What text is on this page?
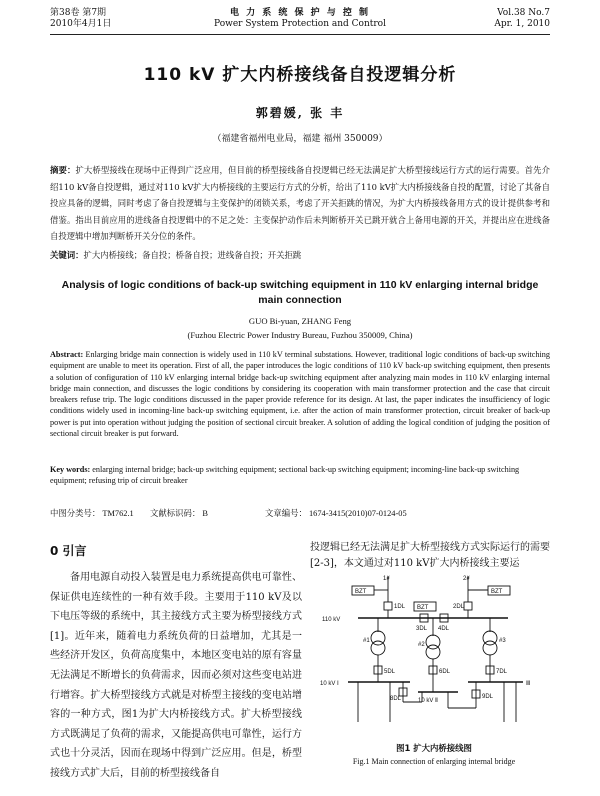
第38卷 第7期
2010年4月1日
电 力 系 统 保 护 与 控 制
Power System Protection and Control
Vol.38 No.7
Apr. 1, 2010
110 kV 扩大内桥接线备自投逻辑分析
郭碧媛, 张 丰
（福建省福州电业局，福建 福州 350009）
摘要：扩大桥型接线在现场中正得到广泛应用，但目前的桥型接线备自投逻辑已经无法满足扩大桥型接线运行方式的运行需要。首先介绍110 kV备自投逻辑，通过对110 kV扩大内桥接线的主要运行方式的分析，给出了110 kV扩大内桥接线备自投的配置，讨论了其备自投应具备的逻辑，同时考虑了备自投逻辑与主变保护的闭锁关系，考虑了开关拒跳的情况，为扩大内桥接线备用方式的设计提供参考和借鉴。指出目前应用的进线备自投逻辑中的不足之处：主变保护动作后未判断桥开关已跳开就合上备用电源的开关，并提出应在进线备自投逻辑中增加判断桥开关分位的条件。
关键词：扩大内桥接线；备自投；桥备自投；进线备自投；开关拒跳
Analysis of logic conditions of back-up switching equipment in 110 kV enlarging internal bridge main connection
GUO Bi-yuan, ZHANG Feng
(Fuzhou Electric Power Industry Bureau, Fuzhou 350009, China)
Abstract: Enlarging bridge main connection is widely used in 110 kV terminal substations. However, traditional logic conditions of back-up switching equipment are unable to meet its operation. First of all, the paper introduces the logic conditions of 110 kV back-up switching equipment, then presents a solution of configuration of 110 kV enlarging internal bridge back-up switching equipment after analyzing main modes in 110 kV enlarging internal bridge main connection, and discusses the logic conditions by considering its cooperation with main transformer protection and the case that circuit breakers refuse trip. The logic conditions discussed in the paper provide reference for its design. At last, the paper indicates the insufficiency of logic conditions widely used in incoming-line back-up switching equipment, i.e. after the action of main transformer protection, circuit breaker of back-up power is put into operation without judging the position of sectional circuit breaker. A solution of adding the logical condition of judging the position of sectional circuit breaker is put forward.
Key words: enlarging internal bridge; back-up switching equipment; sectional back-up switching equipment; incoming-line back-up switching equipment; refusing trip of circuit breaker
中图分类号： TM762.1 文献标识码： B	文章编号： 1674-3415(2010)07-0124-05
0 引言
备用电源自动投入装置是电力系统提高供电可靠性、保证供电连续性的一种有效手段。主要用于110 kV及以下电压等级的系统中，其主接线方式主要为桥型接线方式[1]。近年来，随着电力系统负荷的日益增加，尤其是一些经济开发区，负荷高度集中，本地区变电站的原有容量无法满足不断增长的负荷需求，因而必须对这些变电站进行增容。扩大桥型接线方式就是对桥型主接线的变电站增容的一种方式，图1为扩大内桥接线方式。扩大桥型接线方式既满足了负荷的需求，又能提高供电可靠性，运行方式也十分灵活，因而在现场中得到广泛应用。但是，桥型接线方式扩大后，目前的桥型接线备自
投逻辑已经无法满足扩大桥型接线方式实际运行的需要[2-3]，本文通过对110 kV扩大内桥接线主要运
1#	2#
BZT
BZT
BZT
1DL	2DL
3DL 4DL
110 kV
#1
#2
#3
5DL	6DL	7DL
8DL	9DL
10 kV Ⅰ
10 kV Ⅱ
Ⅲ
图1 扩大内桥接线图
Fig.1 Main connection of enlarging internal bridge
